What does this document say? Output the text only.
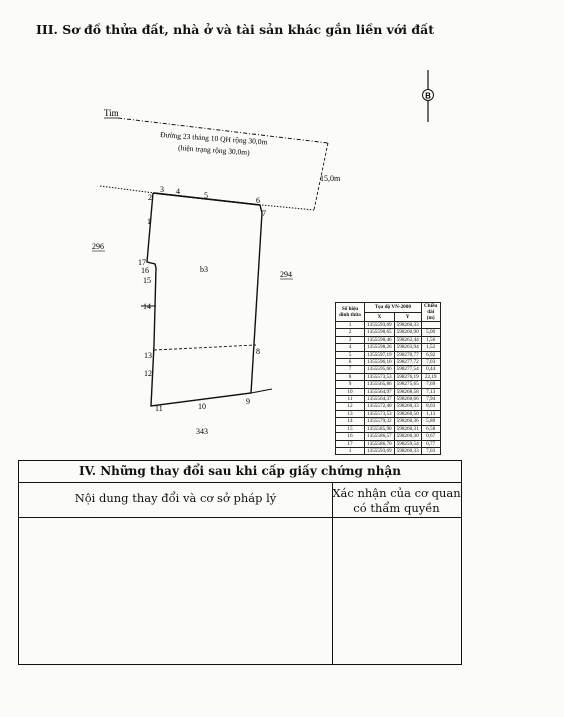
III. Sơ đồ thửa đất, nhà ở và tài sản khác gắn liền với đất
B
Tim
15,0m
Đường 23 tháng 10 QH rộng 30,0m
(hiện trạng rộng 30,0m)
1
2
3 4	5
6
7
8
9
10
11
12
13
14
15
16
17
b3
296
294
343
Số hiệu đỉnh thửa	Tọa độ VN-2000		Chiều dài (m)
	X	Y	
1	1355593,69	598260,33	
2	1355598,65	598260,90	5,00
3	1355598,46	598262,44	1,56
4	1355598,26	598263,94	1,52
5	1355597,19	598270,77	6,92
6	1355596,10	598277,72	7,03
7	1355595,66	598277,54	0,44
8	1355573,53	598276,19	22,19
9	1355565,86	598275,65	7,69
10	1355564,97	598268,58	7,13
11	1355564,37	598260,66	7,94
12	1355572,40	598260,33	8,03
13	1355573,53	598260,50	1,13
14	1355579,32	598260,36	5,80
15	1355585,90	598260,31	6,58
16	1355586,57	598260,30	0,67
17	1355586,70	598259,54	0,77
1	1355593,69	598260,33	7,03
IV. Những thay đổi sau khi cấp giấy chứng nhận
Nội dung thay đổi và cơ sở pháp lý	Xác nhận của cơ quan
có thẩm quyền
